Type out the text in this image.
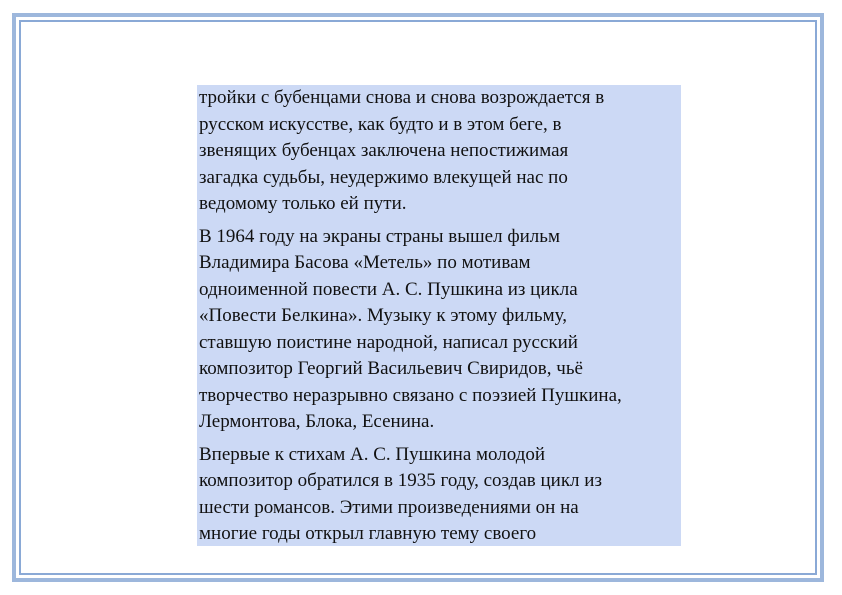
тройки с бубенцами снова и снова возрождается в
русском искусстве, как будто и в этом беге, в
звенящих бубенцах заключена непостижимая
загадка судьбы, неудержимо влекущей нас по
ведомому только ей пути.

В 1964 году на экраны страны вышел фильм
Владимира Басова «Метель» по мотивам
одноименной повести А. С. Пушкина из цикла
«Повести Белкина». Музыку к этому фильму,
ставшую поистине народной, написал русский
композитор Георгий Васильевич Свиридов, чьё
творчество неразрывно связано с поэзией Пушкина,
Лермонтова, Блока, Есенина.

Впервые к стихам А. С. Пушкина молодой
композитор обратился в 1935 году, создав цикл из
шести романсов. Этими произведениями он на
многие годы открыл главную тему своего
